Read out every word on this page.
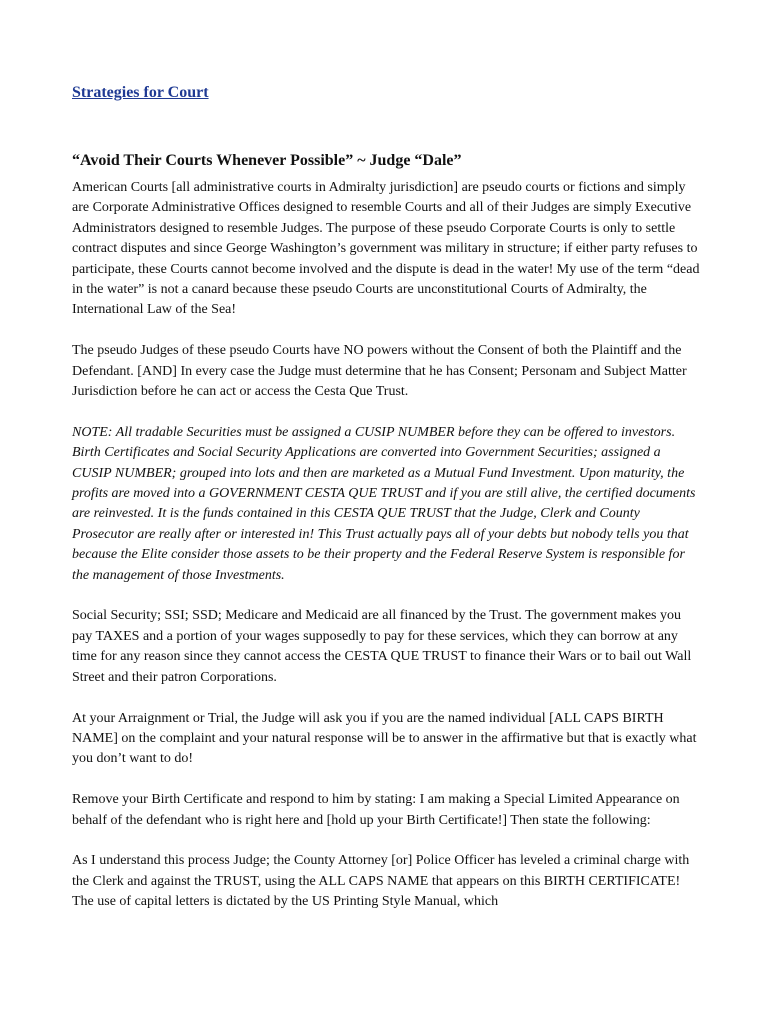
Strategies for Court
“Avoid Their Courts Whenever Possible” ~ Judge “Dale”

American Courts [all administrative courts in Admiralty jurisdiction] are pseudo courts or fictions and simply are Corporate Administrative Offices designed to resemble Courts and all of their Judges are simply Executive Administrators designed to resemble Judges. The purpose of these pseudo Corporate Courts is only to settle contract disputes and since George Washington’s government was military in structure; if either party refuses to participate, these Courts cannot become involved and the dispute is dead in the water! My use of the term “dead in the water” is not a canard because these pseudo Courts are unconstitutional Courts of Admiralty, the International Law of the Sea!

The pseudo Judges of these pseudo Courts have NO powers without the Consent of both the Plaintiff and the Defendant. [AND] In every case the Judge must determine that he has Consent; Personam and Subject Matter Jurisdiction before he can act or access the Cesta Que Trust.

NOTE: All tradable Securities must be assigned a CUSIP NUMBER before they can be offered to investors. Birth Certificates and Social Security Applications are converted into Government Securities; assigned a CUSIP NUMBER; grouped into lots and then are marketed as a Mutual Fund Investment. Upon maturity, the profits are moved into a GOVERNMENT CESTA QUE TRUST and if you are still alive, the certified documents are reinvested. It is the funds contained in this CESTA QUE TRUST that the Judge, Clerk and County Prosecutor are really after or interested in! This Trust actually pays all of your debts but nobody tells you that because the Elite consider those assets to be their property and the Federal Reserve System is responsible for the management of those Investments.

Social Security; SSI; SSD; Medicare and Medicaid are all financed by the Trust. The government makes you pay TAXES and a portion of your wages supposedly to pay for these services, which they can borrow at any time for any reason since they cannot access the CESTA QUE TRUST to finance their Wars or to bail out Wall Street and their patron Corporations.

At your Arraignment or Trial, the Judge will ask you if you are the named individual [ALL CAPS BIRTH NAME] on the complaint and your natural response will be to answer in the affirmative but that is exactly what you don’t want to do!

Remove your Birth Certificate and respond to him by stating: I am making a Special Limited Appearance on behalf of the defendant who is right here and [hold up your Birth Certificate!] Then state the following:

As I understand this process Judge; the County Attorney [or] Police Officer has leveled a criminal charge with the Clerk and against the TRUST, using the ALL CAPS NAME that appears on this BIRTH CERTIFICATE! The use of capital letters is dictated by the US Printing Style Manual, which
